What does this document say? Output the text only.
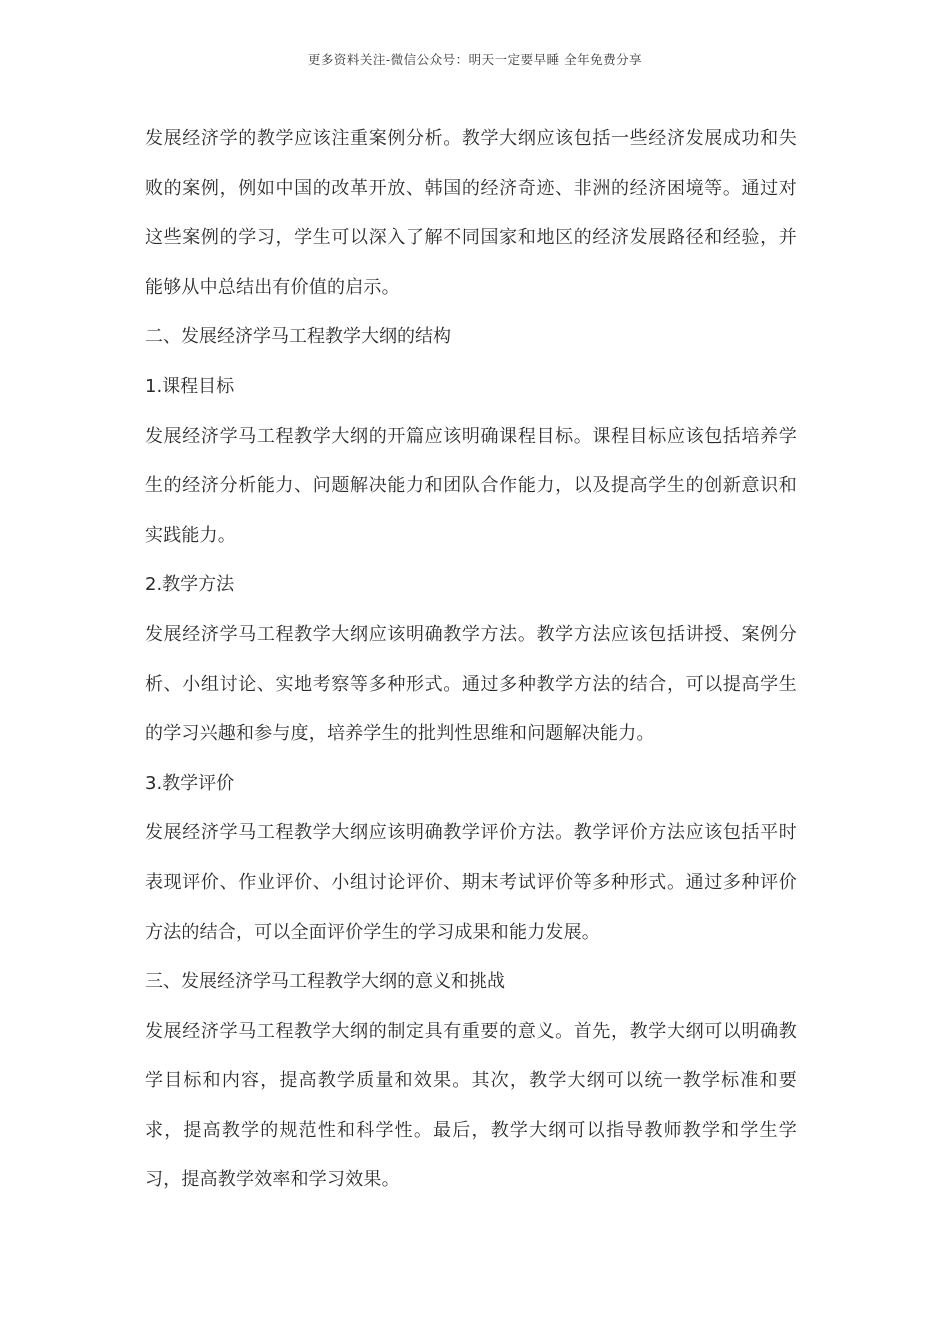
更多资料关注-微信公众号：明天一定要早睡 全年免费分享

发展经济学的教学应该注重案例分析。教学大纲应该包括一些经济发展成功和失败的案例，例如中国的改革开放、韩国的经济奇迹、非洲的经济困境等。通过对这些案例的学习，学生可以深入了解不同国家和地区的经济发展路径和经验，并能够从中总结出有价值的启示。

二、发展经济学马工程教学大纲的结构

1.课程目标

发展经济学马工程教学大纲的开篇应该明确课程目标。课程目标应该包括培养学生的经济分析能力、问题解决能力和团队合作能力，以及提高学生的创新意识和实践能力。

2.教学方法

发展经济学马工程教学大纲应该明确教学方法。教学方法应该包括讲授、案例分析、小组讨论、实地考察等多种形式。通过多种教学方法的结合，可以提高学生的学习兴趣和参与度，培养学生的批判性思维和问题解决能力。

3.教学评价

发展经济学马工程教学大纲应该明确教学评价方法。教学评价方法应该包括平时表现评价、作业评价、小组讨论评价、期末考试评价等多种形式。通过多种评价方法的结合，可以全面评价学生的学习成果和能力发展。

三、发展经济学马工程教学大纲的意义和挑战

发展经济学马工程教学大纲的制定具有重要的意义。首先，教学大纲可以明确教学目标和内容，提高教学质量和效果。其次，教学大纲可以统一教学标准和要求，提高教学的规范性和科学性。最后，教学大纲可以指导教师教学和学生学习，提高教学效率和学习效果。
